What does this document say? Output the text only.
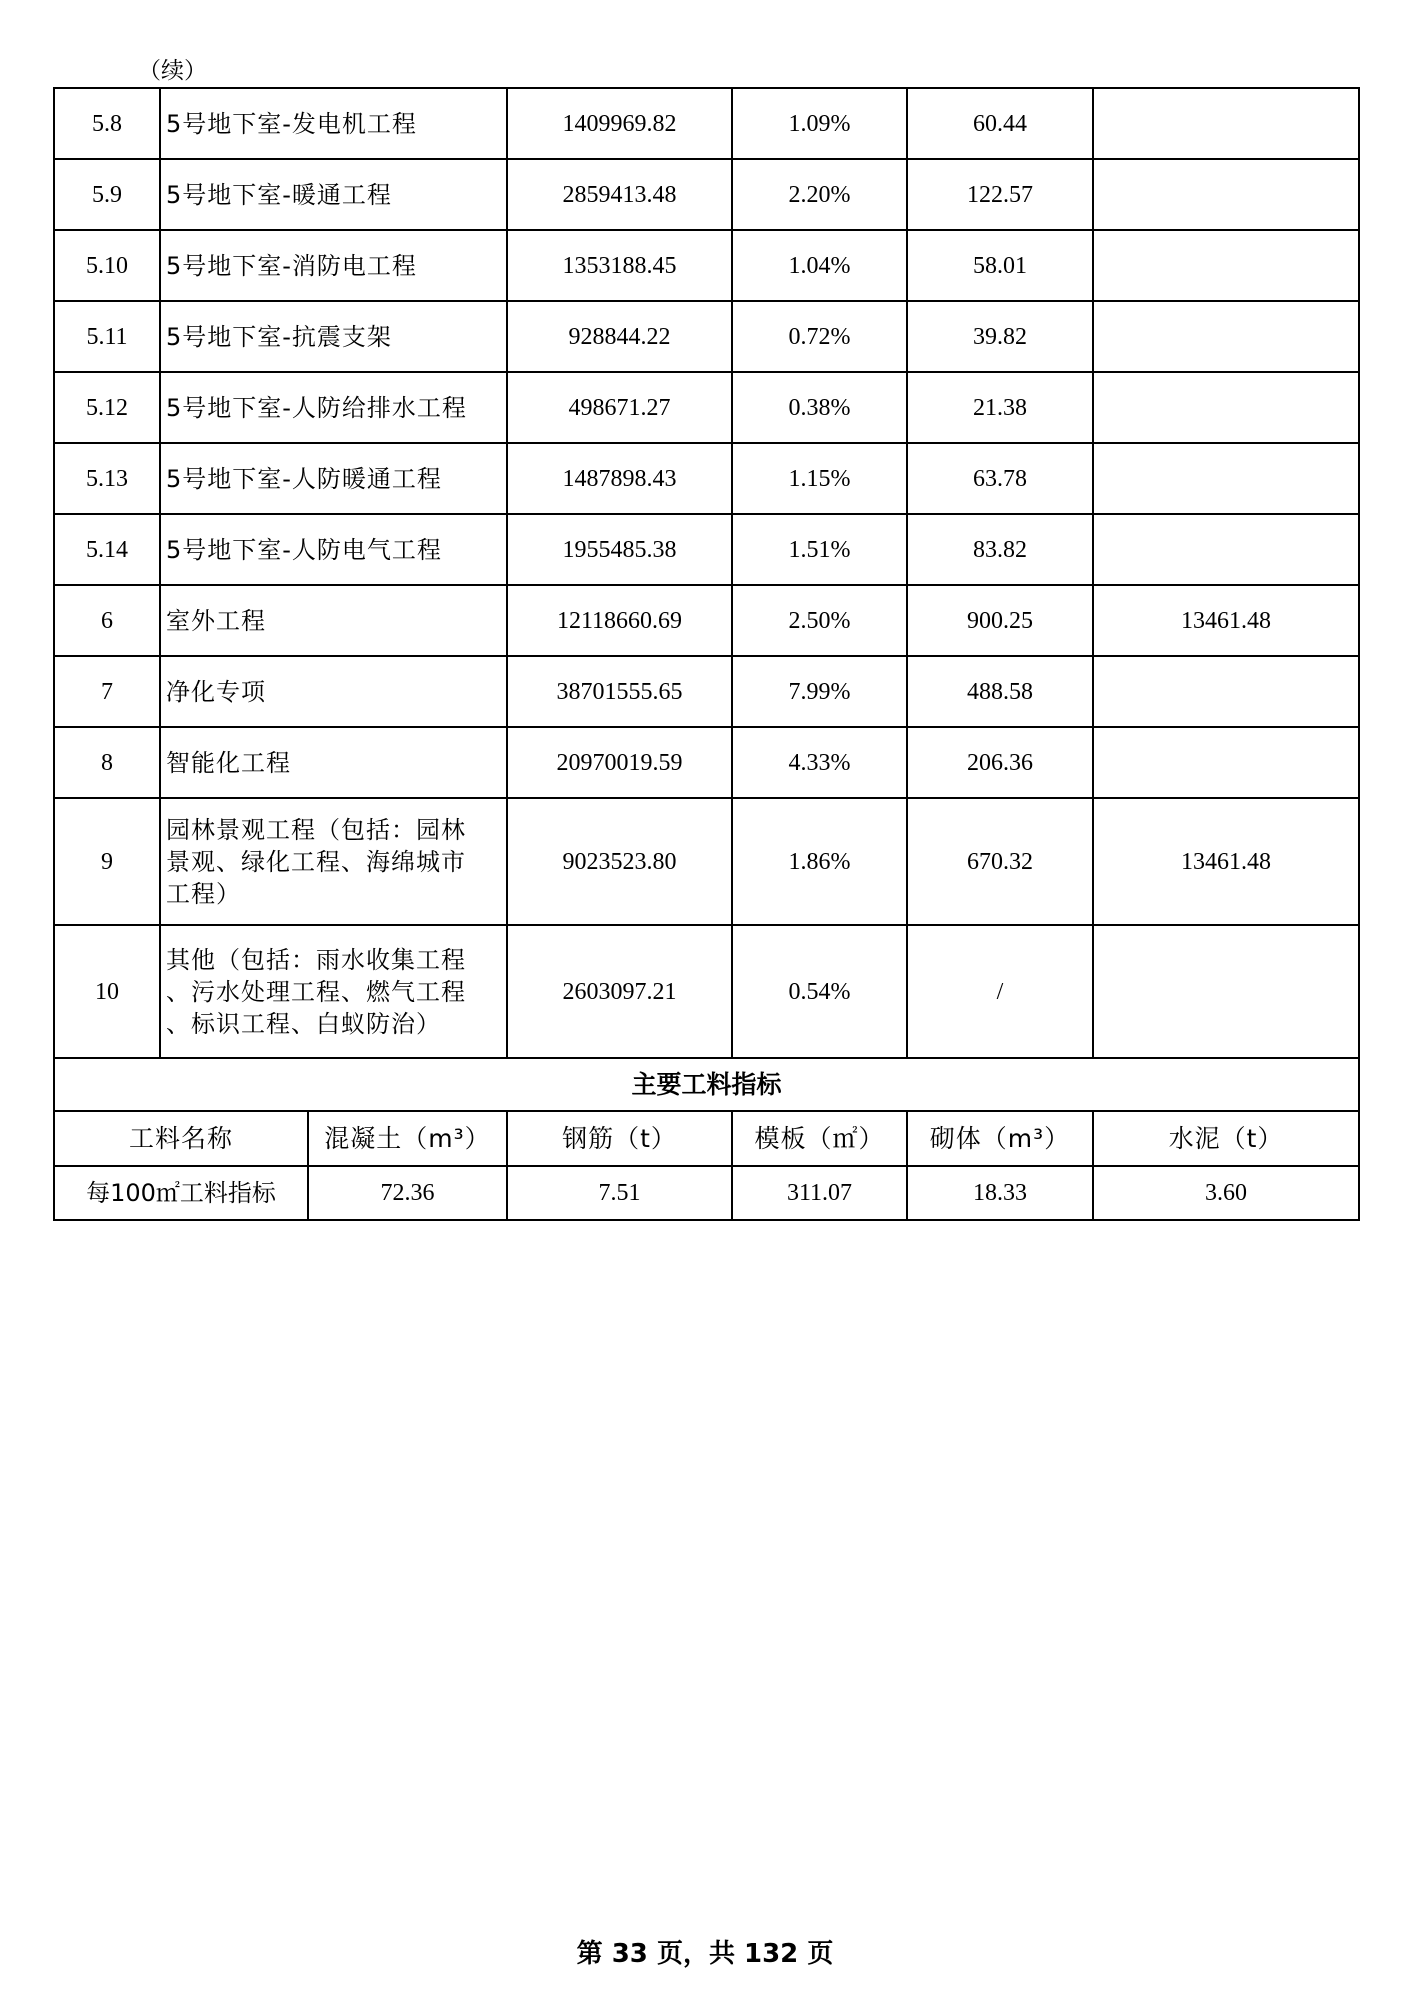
（续）
5.8	5号地下室-发电机工程		1409969.82	1.09%	60.44	
5.9	5号地下室-暖通工程		2859413.48	2.20%	122.57	
5.10	5号地下室-消防电工程		1353188.45	1.04%	58.01	
5.11	5号地下室-抗震支架		928844.22	0.72%	39.82	
5.12	5号地下室-人防给排水工程		498671.27	0.38%	21.38	
5.13	5号地下室-人防暖通工程		1487898.43	1.15%	63.78	
5.14	5号地下室-人防电气工程		1955485.38	1.51%	83.82	
6	室外工程		12118660.69	2.50%	900.25	13461.48
7	净化专项		38701555.65	7.99%	488.58	
8	智能化工程		20970019.59	4.33%	206.36	
9	园林景观工程（包括：园林
景观、绿化工程、海绵城市
工程）		9023523.80	1.86%	670.32	13461.48
10	其他（包括：雨水收集工程
、污水处理工程、燃气工程
、标识工程、白蚁防治）		2603097.21	0.54%	/	
主要工料指标						
工料名称		混凝土（m³）	钢筋（t）	模板（㎡）	砌体（m³）	水泥（t）
每100㎡工料指标		72.36	7.51	311.07	18.33	3.60
第 33 页，共 132 页
